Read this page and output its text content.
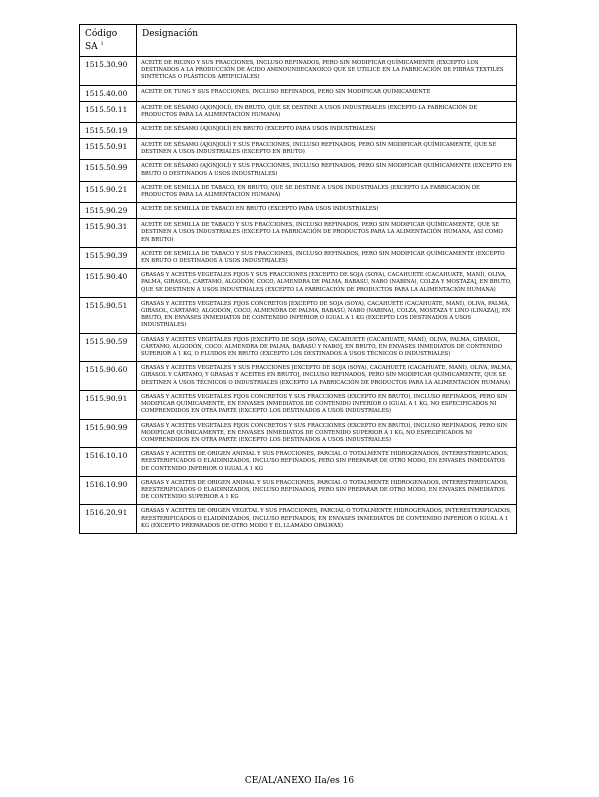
Código
SA $^1$	Designación
1515.30.90	ACEITE DE RICINO Y SUS FRACCIONES, INCLUSO REFINADOS, PERO SIN MODIFICAR QUÍMICAMENTE (EXCEPTO LOS DESTINADOS A LA PRODUCCIÓN DE ÁCIDO AMINOUNDECANOICO QUE SE UTILICE EN LA FABRICACIÓN DE FIBRAS TEXTILES SINTÉTICAS O PLÁSTICOS ARTIFICIALES)
1515.40.00	ACEITE DE TUNG Y SUS FRACCIONES, INCLUSO REFINADOS, PERO SIN MODIFICAR QUÍMICAMENTE
1515.50.11	ACEITE DE SÉSAMO (AJONJOLÍ), EN BRUTO, QUE SE DESTINE A USOS INDUSTRIALES (EXCEPTO LA FABRICACIÓN DE PRODUCTOS PARA LA ALIMENTACIÓN HUMANA)
1515.50.19	ACEITE DE SÉSAMO (AJONJOLÍ) EN BRUTO (EXCEPTO PARA USOS INDUSTRIALES)
1515.50.91	ACEITE DE SÉSAMO (AJONJOLÍ) Y SUS FRACCIONES, INCLUSO REFINADOS, PERO SIN MODIFICAR QUÍMICAMENTE, QUE SE DESTINEN A USOS INDUSTRIALES (EXCEPTO EN BRUTO)
1515.50.99	ACEITE DE SÉSAMO (AJONJOLÍ) Y SUS FRACCIONES, INCLUSO REFINADOS, PERO SIN MODIFICAR QUÍMICAMENTE (EXCEPTO EN BRUTO O DESTINADOS A USOS INDUSTRIALES)
1515.90.21	ACEITE DE SEMILLA DE TABACO, EN BRUTO, QUE SE DESTINE A USOS INDUSTRIALES (EXCEPTO LA FABRICACIÓN DE PRODUCTOS PARA LA ALIMENTACIÓN HUMANA)
1515.90.29	ACEITE DE SEMILLA DE TABACO EN BRUTO (EXCEPTO PARA USOS INDUSTRIALES)
1515.90.31	ACEITE DE SEMILLA DE TABACO Y SUS FRACCIONES, INCLUSO REFINADOS, PERO SIN MODIFICAR QUÍMICAMENTE, QUE SE DESTINEN A USOS INDUSTRIALES (EXCEPTO LA FABRICACIÓN DE PRODUCTOS PARA LA ALIMENTACIÓN HUMANA, ASÍ COMO EN BRUTO)
1515.90.39	ACEITE DE SEMILLA DE TABACO Y SUS FRACCIONES, INCLUSO REFINADOS, PERO SIN MODIFICAR QUÍMICAMENTE (EXCEPTO EN BRUTO O DESTINADOS A USOS INDUSTRIALES)
1515.90.40	GRASAS Y ACEITES VEGETALES FIJOS Y SUS FRACCIONES [EXCEPTO DE SOJA (SOYA), CACAHUETE (CACAHUATE, MANÍ), OLIVA, PALMA, GIRASOL, CÁRTAMO, ALGODÓN, COCO, ALMENDRA DE PALMA, BABASÚ, NABO (NABINA), COLZA Y MOSTAZA], EN BRUTO, QUE SE DESTINEN A USOS INDUSTRIALES (EXCEPTO LA FABRICACIÓN DE PRODUCTOS PARA LA ALIMENTACIÓN HUMANA)
1515.90.51	GRASAS Y ACEITES VEGETALES FIJOS CONCRETOS [EXCEPTO DE SOJA (SOYA), CACAHUETE (CACAHUATE, MANÍ), OLIVA, PALMA, GIRASOL, CÁRTAMO, ALGODÓN, COCO, ALMENDRA DE PALMA, BABASÚ, NABO (NABINA), COLZA, MOSTAZA Y LINO (LINAZA)], EN BRUTO, EN ENVASES INMEDIATOS DE CONTENIDO INFERIOR O IGUAL A 1 KG (EXCEPTO LOS DESTINADOS A USOS INDUSTRIALES)
1515.90.59	GRASAS Y ACEITES VEGETALES FIJOS [EXCEPTO DE SOJA (SOYA), CACAHUETE (CACAHUATE, MANÍ), OLIVA, PALMA, GIRASOL, CÁRTAMO, ALGODÓN, COCO, ALMENDRA DE PALMA, BABASÚ Y NABO], EN BRUTO, EN ENVASES INMEDIATOS DE CONTENIDO SUPERIOR A 1 KG, O FLUIDOS EN BRUTO (EXCEPTO LOS DESTINADOS A USOS TÉCNICOS O INDUSTRIALES)
1515.90.60	GRASAS Y ACEITES VEGETALES Y SUS FRACCIONES [EXCEPTO DE SOJA (SOYA), CACAHUETE (CACAHUATE, MANÍ), OLIVA, PALMA, GIRASOL Y CÁRTAMO, Y GRASAS Y ACEITES EN BRUTO], INCLUSO REFINADOS, PERO SIN MODIFICAR QUÍMICAMENTE, QUE SE DESTINEN A USOS TÉCNICOS O INDUSTRIALES (EXCEPTO LA FABRICACIÓN DE PRODUCTOS PARA LA ALIMENTACIÓN HUMANA)
1515.90.91	GRASAS Y ACEITES VEGETALES FIJOS CONCRETOS Y SUS FRACCIONES (EXCEPTO EN BRUTO), INCLUSO REFINADOS, PERO SIN MODIFICAR QUÍMICAMENTE, EN ENVASES INMEDIATOS DE CONTENIDO INFERIOR O IGUAL A 1 KG, NO ESPECIFICADOS NI COMPRENDIDOS EN OTRA PARTE (EXCEPTO LOS DESTINADOS A USOS INDUSTRIALES)
1515.90.99	GRASAS Y ACEITES VEGETALES FIJOS CONCRETOS Y SUS FRACCIONES (EXCEPTO EN BRUTO), INCLUSO REFINADOS, PERO SIN MODIFICAR QUÍMICAMENTE, EN ENVASES INMEDIATOS DE CONTENIDO SUPERIOR A 1 KG, NO ESPECIFICADOS NI COMPRENDIDOS EN OTRA PARTE (EXCEPTO LOS DESTINADOS A USOS INDUSTRIALES)
1516.10.10	GRASAS Y ACEITES DE ORIGEN ANIMAL Y SUS FRACCIONES, PARCIAL O TOTALMENTE HIDROGENADOS, INTERESTERIFICADOS, REESTERIFICADOS O ELAIDINIZADOS, INCLUSO REFINADOS, PERO SIN PREPARAR DE OTRO MODO, EN ENVASES INMEDIATOS DE CONTENIDO INFERIOR O IGUAL A 1 KG
1516.10.90	GRASAS Y ACEITES DE ORIGEN ANIMAL Y SUS FRACCIONES, PARCIAL O TOTALMENTE HIDROGENADOS, INTERESTERIFICADOS, REESTERIFICADOS O ELAIDINIZADOS, INCLUSO REFINADOS, PERO SIN PREPARAR DE OTRO MODO, EN ENVASES INMEDIATOS DE CONTENIDO SUPERIOR A 1 KG
1516.20.91	GRASAS Y ACEITES DE ORIGEN VEGETAL Y SUS FRACCIONES, PARCIAL O TOTALMENTE HIDROGENADOS, INTERESTERIFICADOS, REESTERIFICADOS O ELAIDINIZADOS, INCLUSO REFINADOS, EN ENVASES INMEDIATOS DE CONTENIDO INFERIOR O IGUAL A 1 KG (EXCEPTO PREPARADOS DE OTRO MODO Y EL LLAMADO OPALWAX)
CE/AL/ANEXO IIa/es 16
